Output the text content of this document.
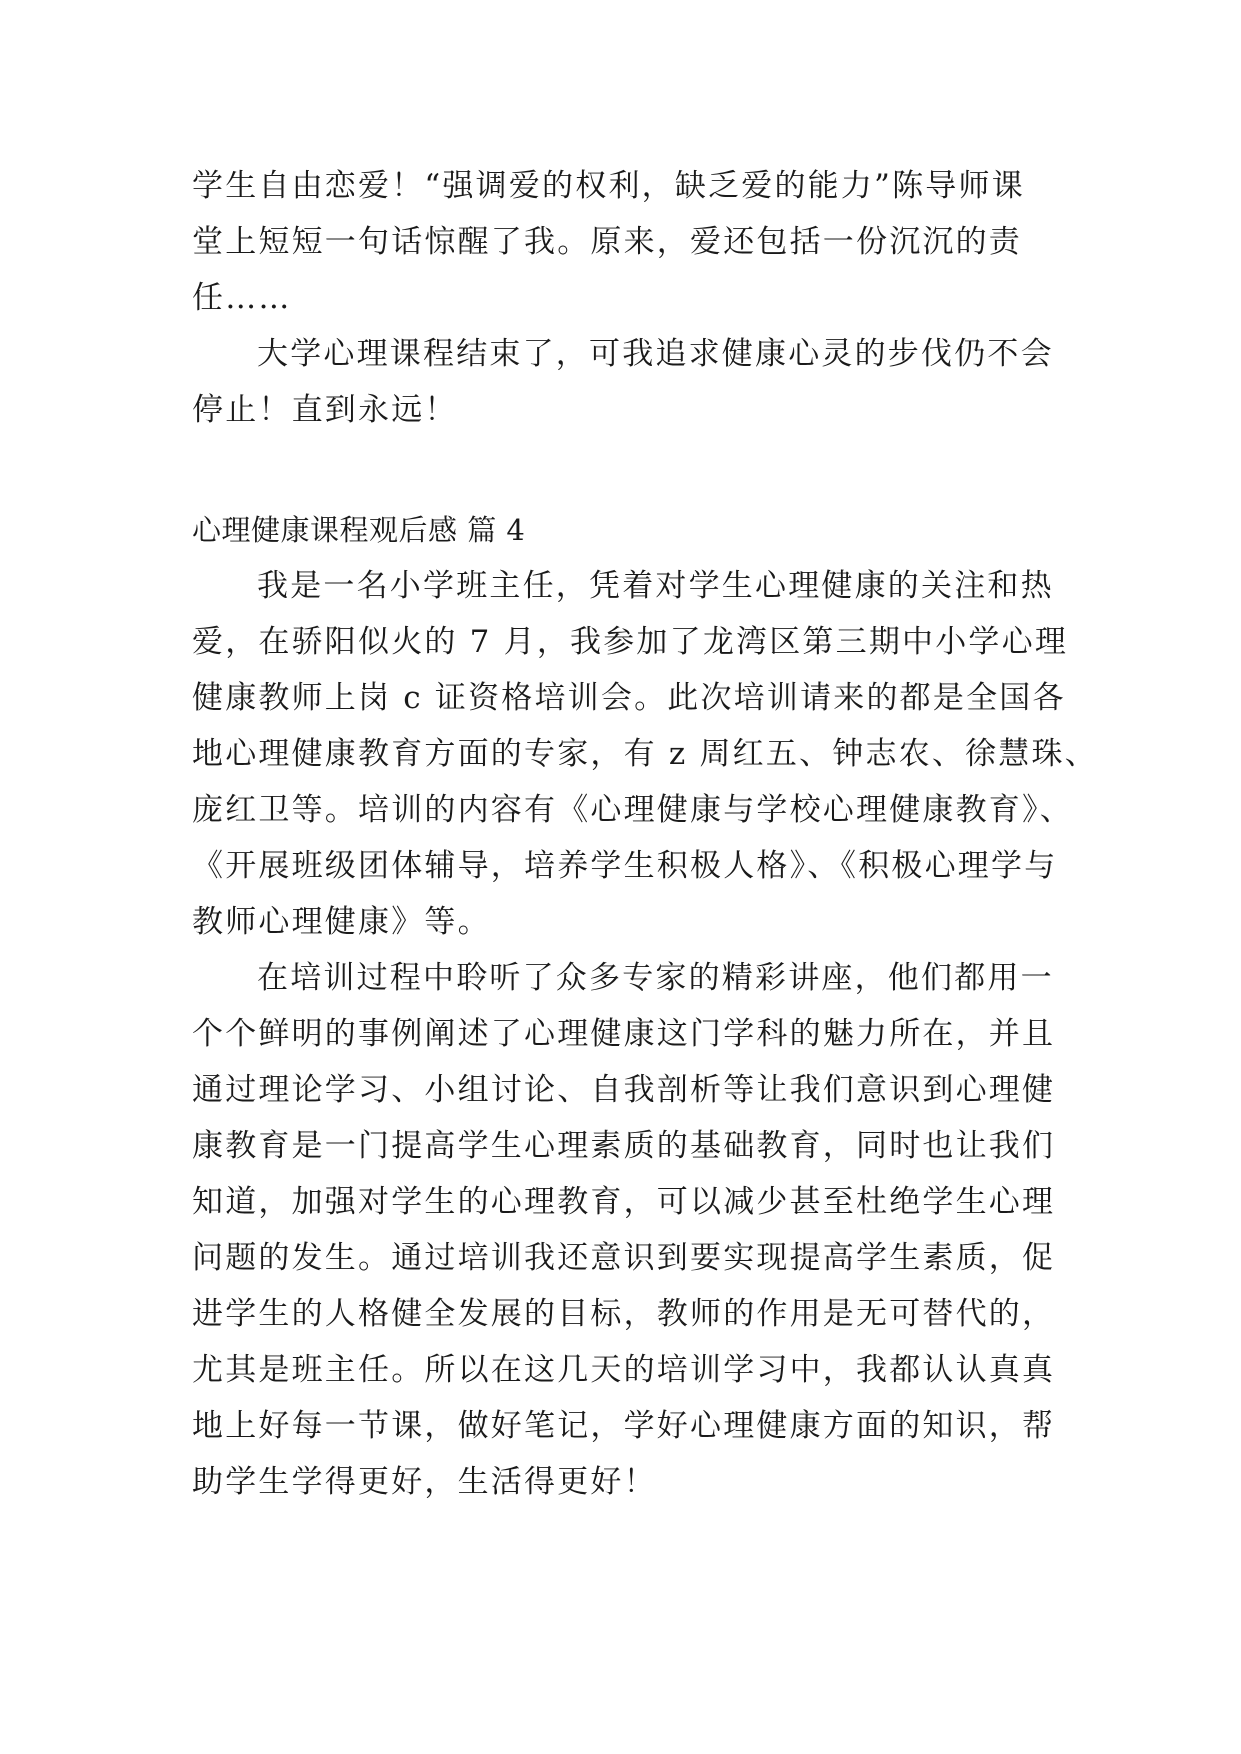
学生自由恋爱！“强调爱的权利，缺乏爱的能力”陈导师课

堂上短短一句话惊醒了我。原来，爱还包括一份沉沉的责

任……

大学心理课程结束了，可我追求健康心灵的步伐仍不会

停止！直到永远！

心理健康课程观后感 篇 4

我是一名小学班主任，凭着对学生心理健康的关注和热

爱，在骄阳似火的 7 月，我参加了龙湾区第三期中小学心理

健康教师上岗 c 证资格培训会。此次培训请来的都是全国各

地心理健康教育方面的专家，有 z 周红五、钟志农、徐慧珠、

庞红卫等。培训的内容有《心理健康与学校心理健康教育》、

《开展班级团体辅导，培养学生积极人格》、《积极心理学与

教师心理健康》等。

在培训过程中聆听了众多专家的精彩讲座，他们都用一

个个鲜明的事例阐述了心理健康这门学科的魅力所在，并且

通过理论学习、小组讨论、自我剖析等让我们意识到心理健

康教育是一门提高学生心理素质的基础教育，同时也让我们

知道，加强对学生的心理教育，可以减少甚至杜绝学生心理

问题的发生。通过培训我还意识到要实现提高学生素质，促

进学生的人格健全发展的目标，教师的作用是无可替代的，

尤其是班主任。所以在这几天的培训学习中，我都认认真真

地上好每一节课，做好笔记，学好心理健康方面的知识，帮

助学生学得更好，生活得更好！
